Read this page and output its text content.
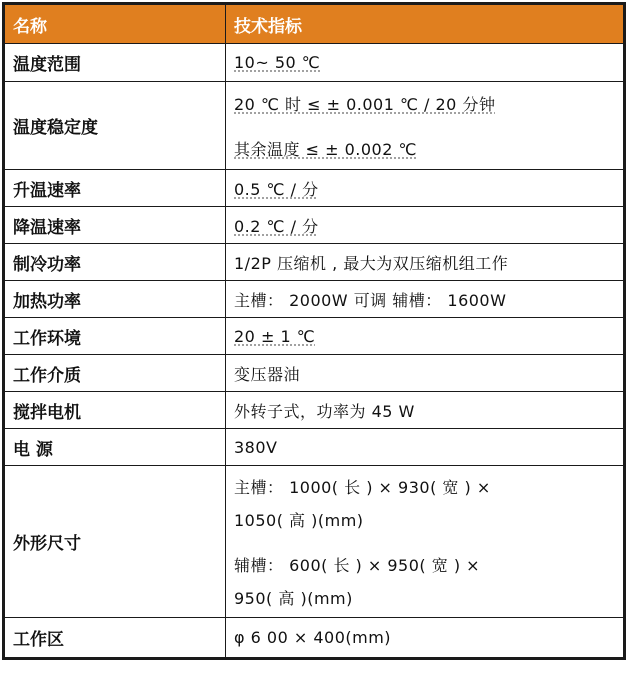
名称	技术指标
温度范围	10~ 50 ℃
温度稳定度	20 ℃ 时 ≤ ± 0.001 ℃ / 20 分钟
其余温度 ≤ ± 0.002 ℃

升温速率	0.5 ℃ / 分
降温速率	0.2 ℃ / 分
制冷功率	1/2P 压缩机 , 最大为双压缩机组工作
加热功率	主槽： 2000W 可调 辅槽： 1600W
工作环境	20 ± 1 ℃
工作介质	变压器油
搅拌电机	外转子式，功率为 45 W
电 源	380V
外形尺寸	主槽： 1000( 长 ) × 930( 宽 ) ×
1050( 高 )(mm)
辅槽： 600( 长 ) × 950( 宽 ) ×
950( 高 )(mm)

工作区	φ 6 00 × 400(mm)
